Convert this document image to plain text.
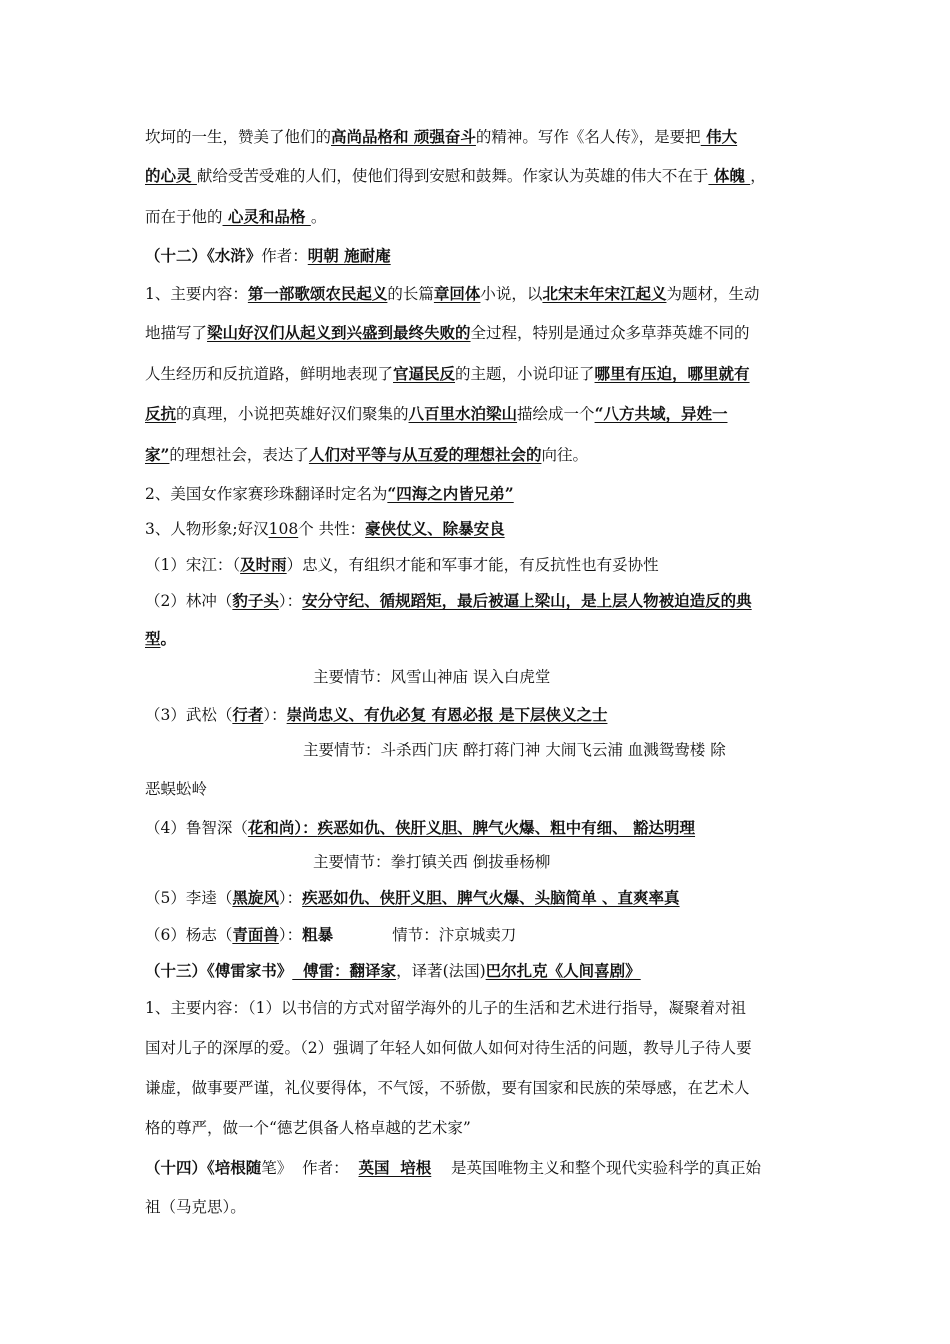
坎坷的一生，赞美了他们的高尚品格和 顽强奋斗的精神。写作《名人传》，是要把 伟大
的心灵 献给受苦受难的人们，使他们得到安慰和鼓舞。作家认为英雄的伟大不在于 体魄 ，
而在于他的 心灵和品格 。
（十二）《水浒》作者：明朝 施耐庵
1、主要内容：第一部歌颂农民起义的长篇章回体小说，以北宋末年宋江起义为题材，生动
地描写了梁山好汉们从起义到兴盛到最终失败的全过程，特别是通过众多草莽英雄不同的
人生经历和反抗道路，鲜明地表现了官逼民反的主题，小说印证了哪里有压迫，哪里就有
反抗的真理，小说把英雄好汉们聚集的八百里水泊梁山描绘成一个“八方共域，异姓一
家”的理想社会，表达了人们对平等与从互爱的理想社会的向往。
2、美国女作家赛珍珠翻译时定名为“四海之内皆兄弟”
3、人物形象;好汉108个 共性：豪侠仗义、除暴安良
（1）宋江：（及时雨）忠义，有组织才能和军事才能，有反抗性也有妥协性
（2）林冲（豹子头）：安分守纪、循规蹈矩，最后被逼上梁山，是上层人物被迫造反的典
型。
主要情节：风雪山神庙 误入白虎堂
（3）武松（行者）：崇尚忠义、有仇必复 有恩必报 是下层侠义之士
主要情节：斗杀西门庆 醉打蒋门神 大闹飞云浦 血溅鸳鸯楼 除
恶蜈蚣岭
（4）鲁智深（花和尚）：疾恶如仇、侠肝义胆、脾气火爆、粗中有细、 豁达明理
主要情节：拳打镇关西 倒拔垂杨柳
（5）李逵（黑旋风）：疾恶如仇、侠肝义胆、脾气火爆、头脑简单 、直爽率真
（6）杨志（青面兽）：粗暴            情节：汴京城卖刀
（十三）《傅雷家书》  傅雷：翻译家，译著(法国)巴尔扎克《人间喜剧》
1、主要内容：（1）以书信的方式对留学海外的儿子的生活和艺术进行指导，凝聚着对祖
国对儿子的深厚的爱。（2）强调了年轻人如何做人如何对待生活的问题，教导儿子待人要
谦虚，做事要严谨，礼仪要得体，不气馁，不骄傲，要有国家和民族的荣辱感，在艺术人
格的尊严，做一个“德艺俱备人格卓越的艺术家”
（十四）《培根随笔》  作者：  英国  培根    是英国唯物主义和整个现代实验科学的真正始
祖（马克思）。
